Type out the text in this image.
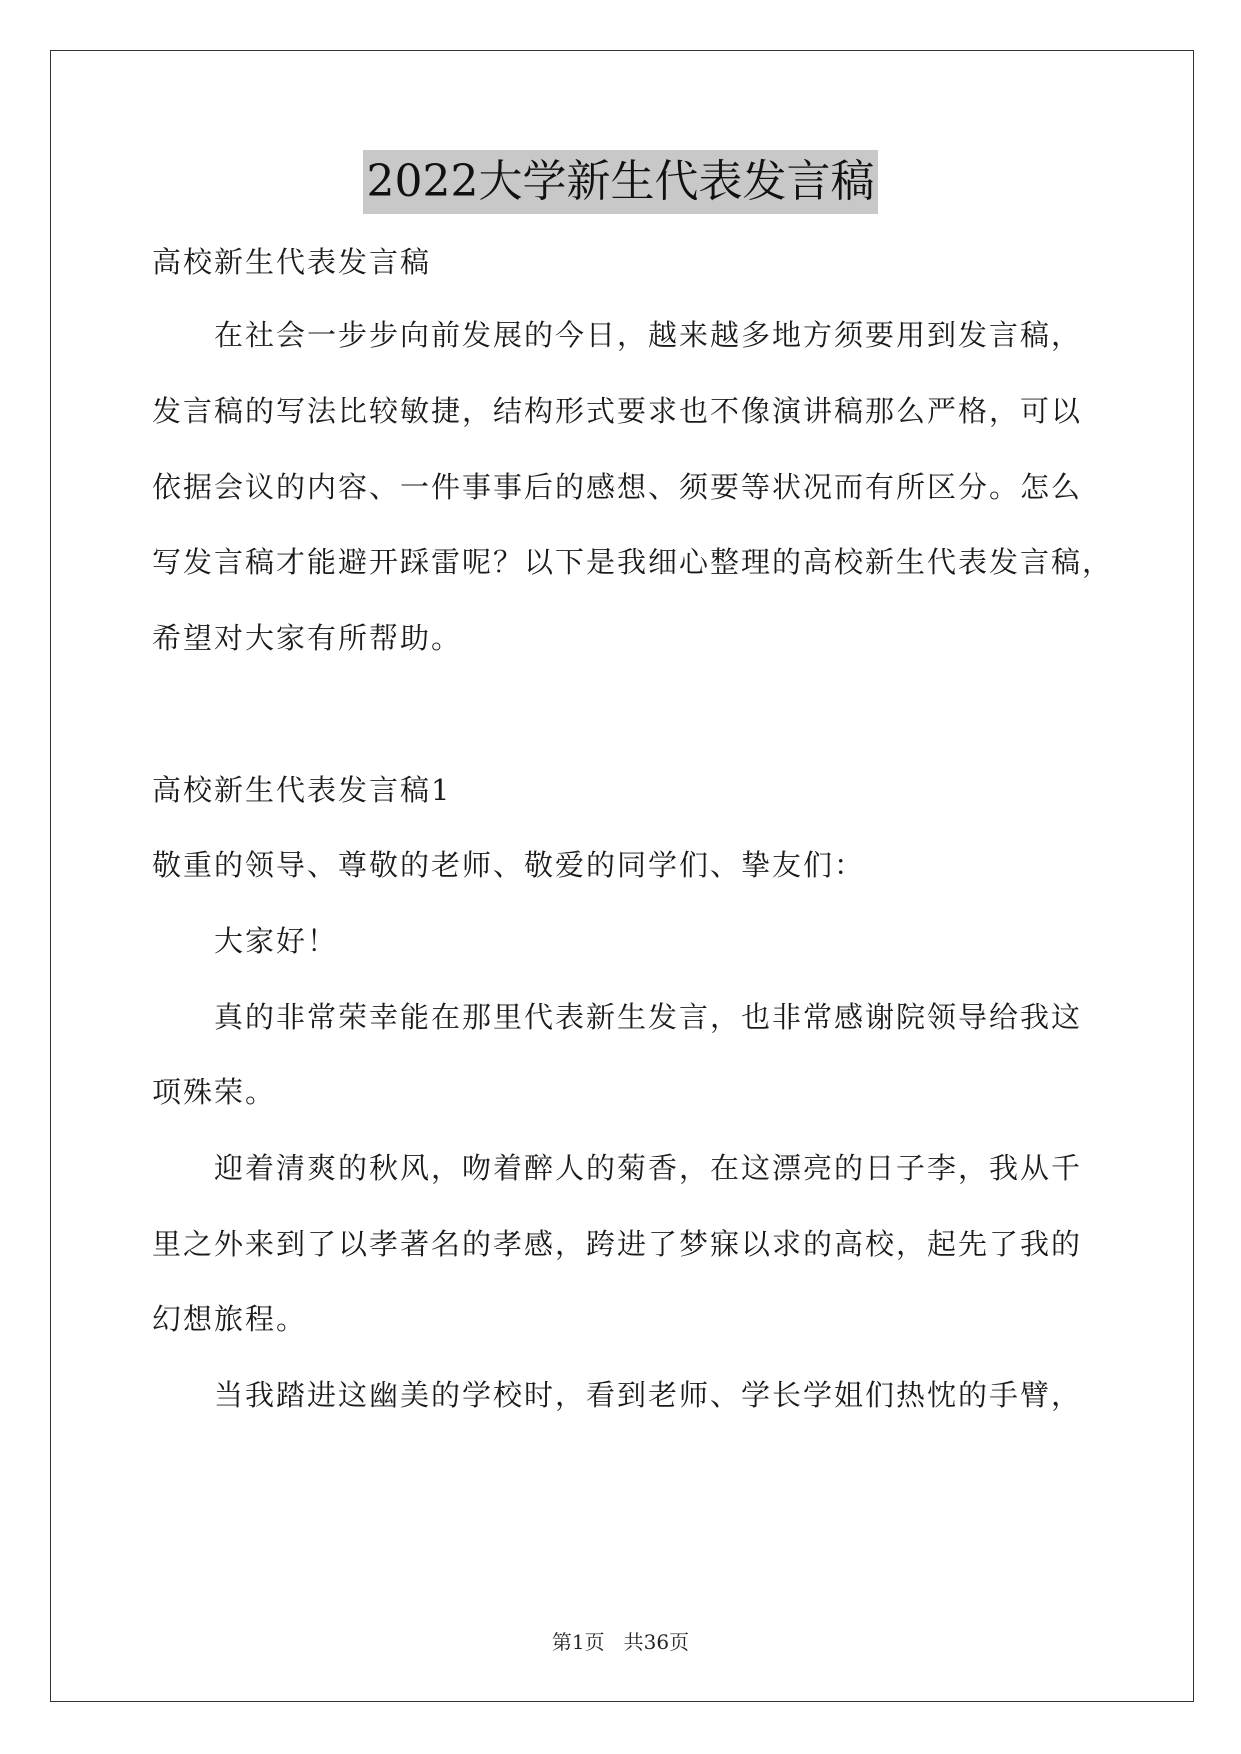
2022大学新生代表发言稿
高校新生代表发言稿
在社会一步步向前发展的今日，越来越多地方须要用到发言稿，
发言稿的写法比较敏捷，结构形式要求也不像演讲稿那么严格，可以
依据会议的内容、一件事事后的感想、须要等状况而有所区分。怎么
写发言稿才能避开踩雷呢？以下是我细心整理的高校新生代表发言稿，
希望对大家有所帮助。
高校新生代表发言稿1
敬重的领导、尊敬的老师、敬爱的同学们、挚友们：
大家好！
真的非常荣幸能在那里代表新生发言，也非常感谢院领导给我这
项殊荣。
迎着清爽的秋风，吻着醉人的菊香，在这漂亮的日子李，我从千
里之外来到了以孝著名的孝感，跨进了梦寐以求的高校，起先了我的
幻想旅程。
当我踏进这幽美的学校时，看到老师、学长学姐们热忱的手臂，
第1页   共36页
